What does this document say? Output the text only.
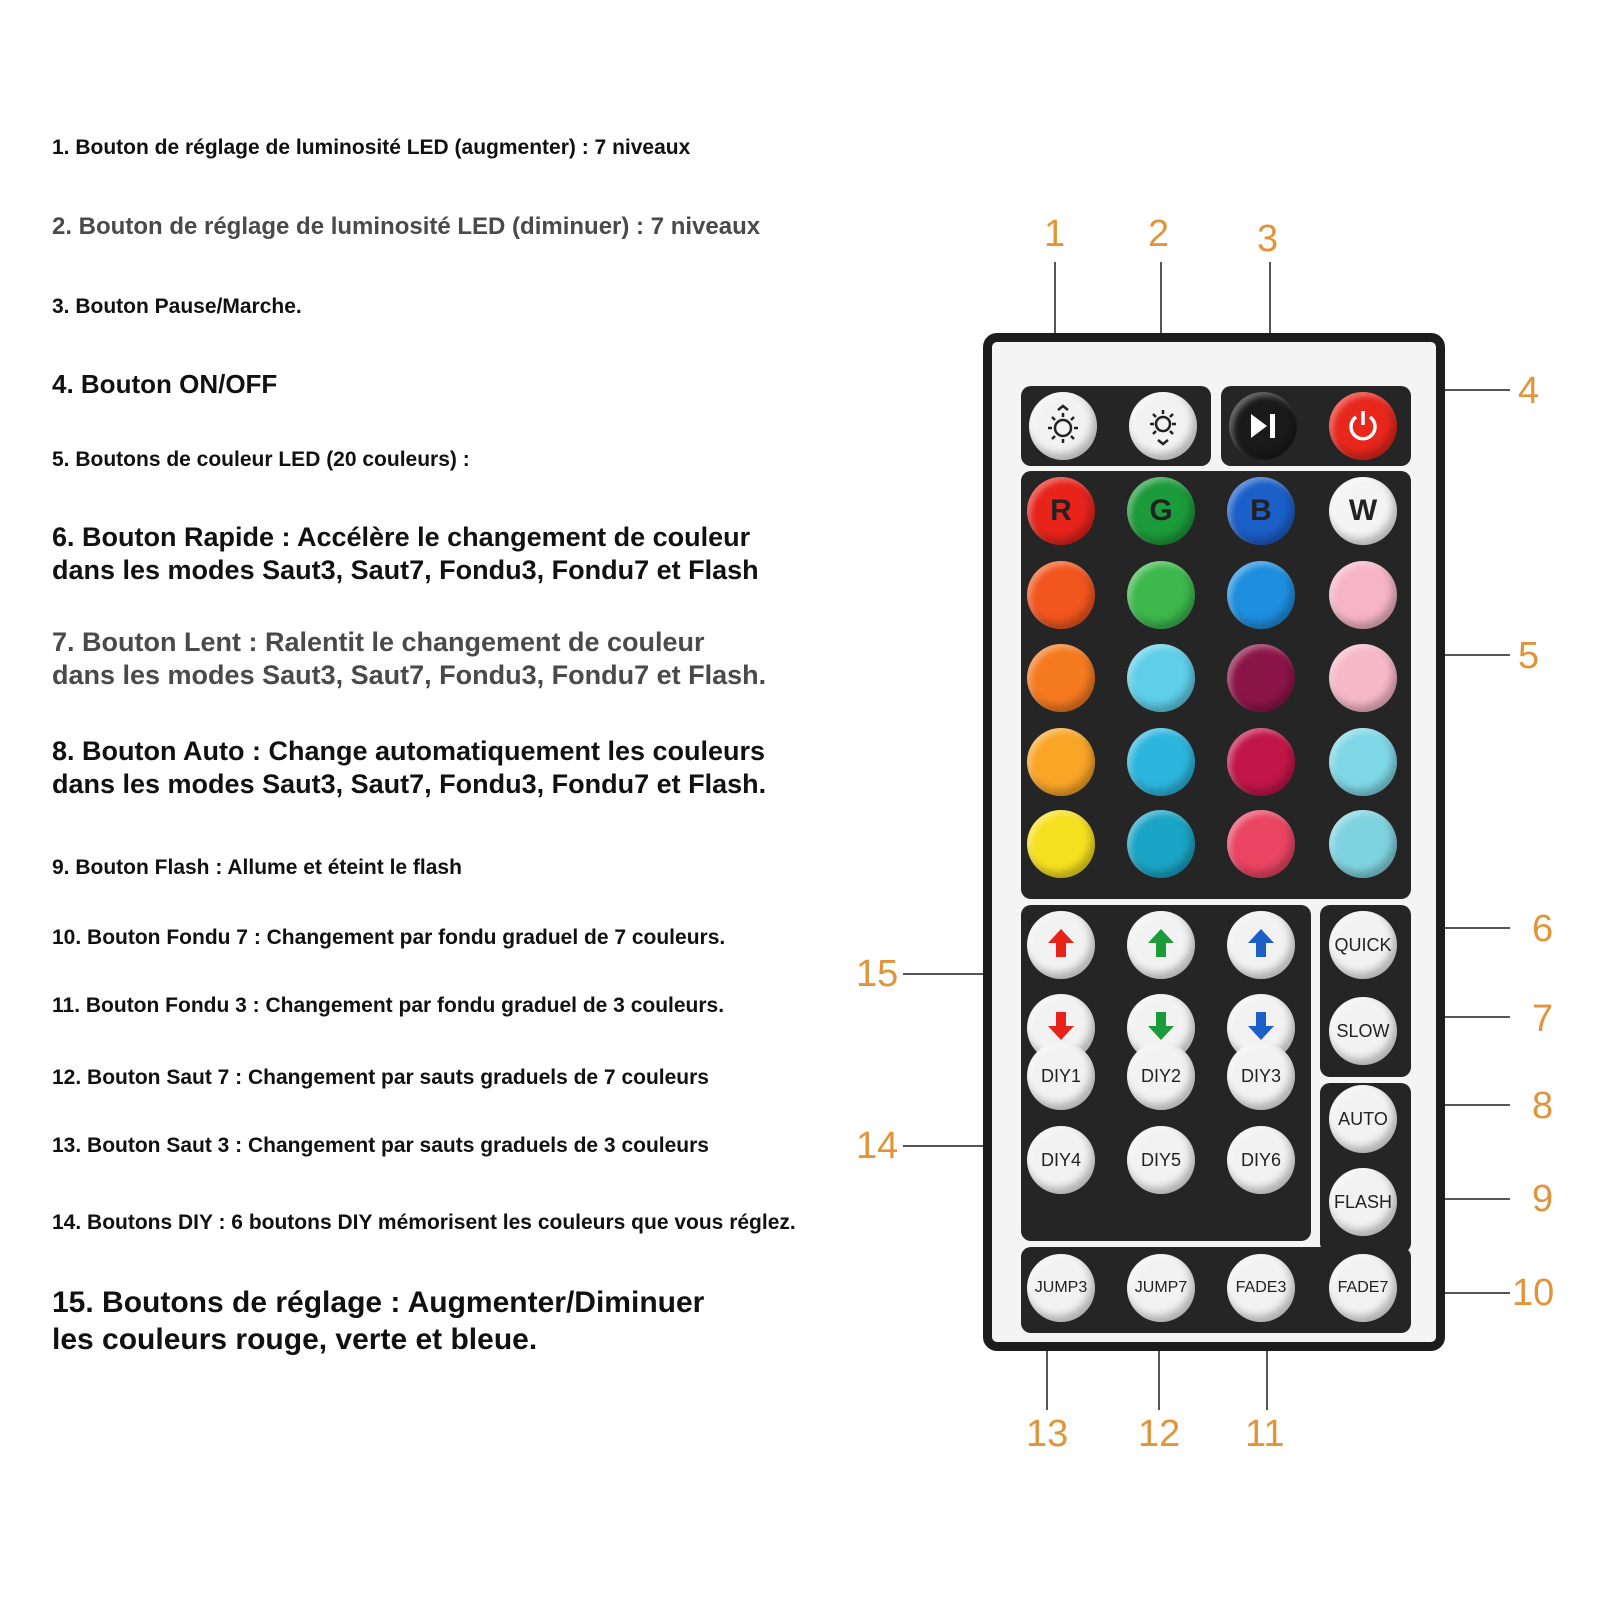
1. Bouton de réglage de luminosité LED (augmenter) : 7 niveaux
2. Bouton de réglage de luminosité LED (diminuer) : 7 niveaux
3. Bouton Pause/Marche.
4. Bouton ON/OFF
5. Boutons de couleur LED (20 couleurs) :
6. Bouton Rapide : Accélère le changement de couleur
dans les modes Saut3, Saut7, Fondu3, Fondu7 et Flash
7. Bouton Lent : Ralentit le changement de couleur
dans les modes Saut3, Saut7, Fondu3, Fondu7 et Flash.
8. Bouton Auto : Change automatiquement les couleurs
dans les modes Saut3, Saut7, Fondu3, Fondu7 et Flash.
9. Bouton Flash : Allume et éteint le flash
10. Bouton Fondu 7 : Changement par fondu graduel de 7 couleurs.
11. Bouton Fondu 3 : Changement par fondu graduel de 3 couleurs.
12. Bouton Saut 7 : Changement par sauts graduels de 7 couleurs
13. Bouton Saut 3 : Changement par sauts graduels de 3 couleurs
14. Boutons DIY : 6 boutons DIY mémorisent les couleurs que vous réglez.
15. Boutons de réglage : Augmenter/Diminuer
les couleurs rouge, verte et bleue.
1 2 3
4
5
6
7
8
9
10
11
12
13
14
15
R	G	B	W
DIY1	DIY2	DIY3
DIY4	DIY5	DIY6
QUICK
SLOW
AUTO
FLASH
JUMP3	JUMP7	FADE3	FADE7
